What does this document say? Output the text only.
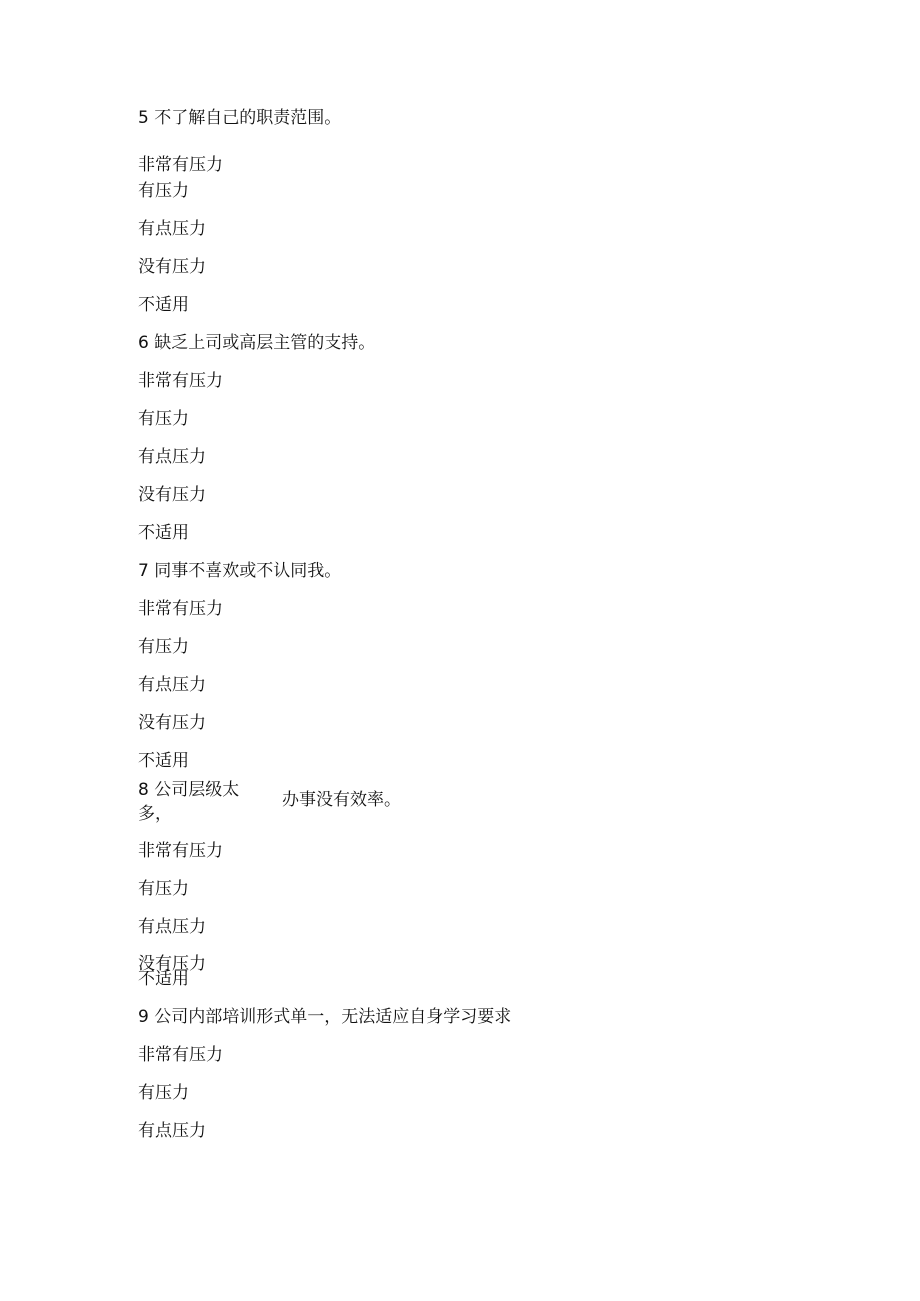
5 不了解自己的职责范围。
非常有压力
有压力
有点压力
没有压力
不适用
6 缺乏上司或高层主管的支持。
非常有压力
有压力
有点压力
没有压力
不适用
7 同事不喜欢或不认同我。
非常有压力
有压力
有点压力
没有压力
不适用
8 公司层级太多，
办事没有效率。
非常有压力
有压力
有点压力
没有压力
不适用
9 公司内部培训形式单一，无法适应自身学习要求
非常有压力
有压力
有点压力
